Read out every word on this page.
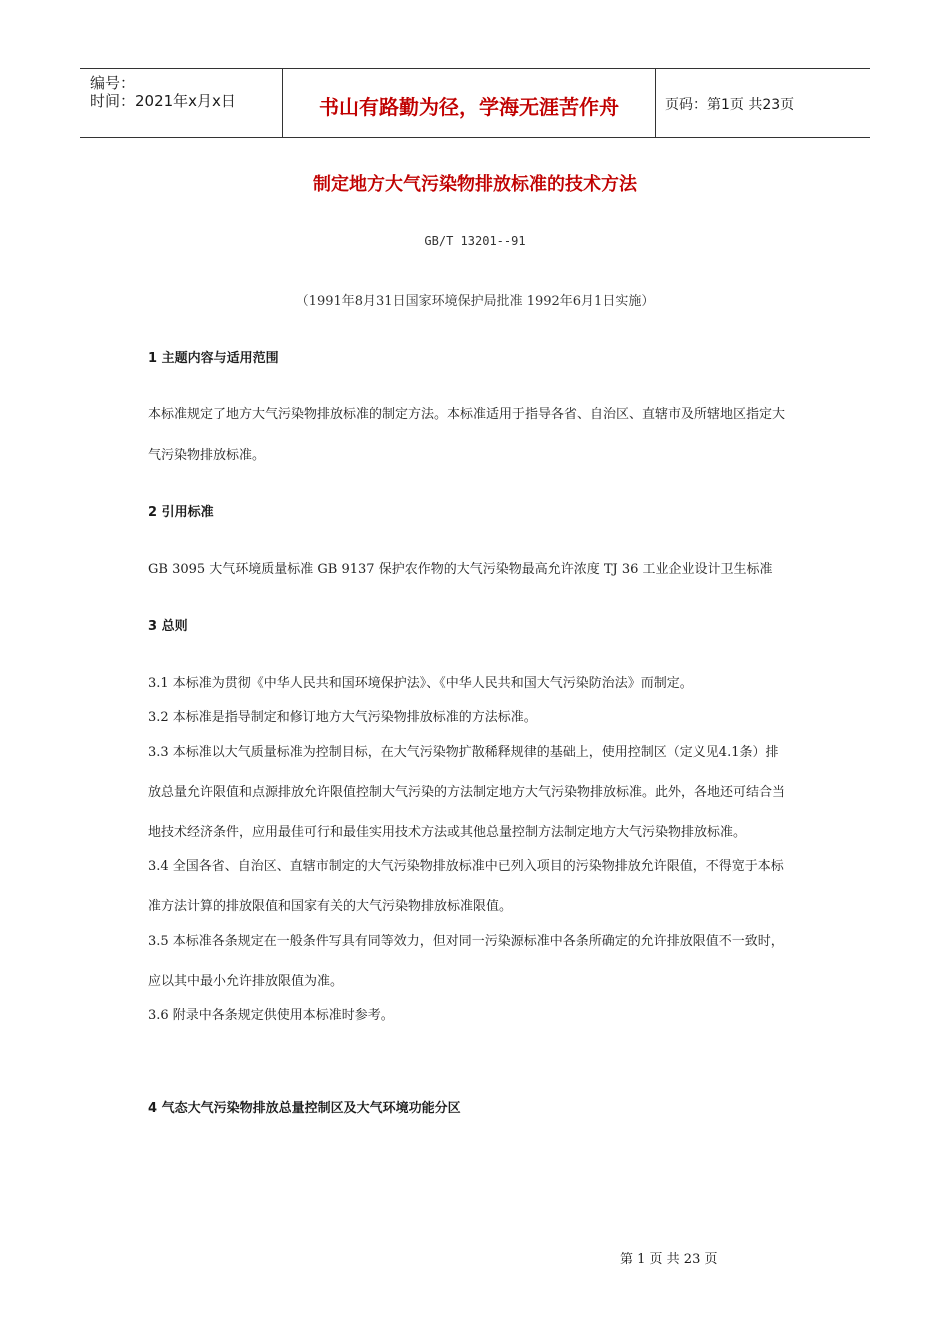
编号：
时间：2021年x月x日	书山有路勤为径，学海无涯苦作舟	页码：第1页 共23页
制定地方大气污染物排放标准的技术方法
GB/T 13201--91
（1991年8月31日国家环境保护局批准 1992年6月1日实施）
1 主题内容与适用范围
本标准规定了地方大气污染物排放标准的制定方法。本标准适用于指导各省、自治区、直辖市及所辖地区指定大
气污染物排放标准。
2 引用标准
GB 3095 大气环境质量标准 GB 9137 保护农作物的大气污染物最高允许浓度 TJ 36 工业企业设计卫生标准
3 总则
3.1 本标准为贯彻《中华人民共和国环境保护法》、《中华人民共和国大气污染防治法》而制定。
3.2 本标准是指导制定和修订地方大气污染物排放标准的方法标准。
3.3 本标准以大气质量标准为控制目标，在大气污染物扩散稀释规律的基础上，使用控制区（定义见4.1条）排
放总量允许限值和点源排放允许限值控制大气污染的方法制定地方大气污染物排放标准。此外，各地还可结合当
地技术经济条件，应用最佳可行和最佳实用技术方法或其他总量控制方法制定地方大气污染物排放标准。
3.4 全国各省、自治区、直辖市制定的大气污染物排放标准中已列入项目的污染物排放允许限值，不得宽于本标
准方法计算的排放限值和国家有关的大气污染物排放标准限值。
3.5 本标准各条规定在一般条件写具有同等效力，但对同一污染源标准中各条所确定的允许排放限值不一致时，
应以其中最小允许排放限值为准。
3.6 附录中各条规定供使用本标准时参考。
4 气态大气污染物排放总量控制区及大气环境功能分区
第 1 页 共 23 页
